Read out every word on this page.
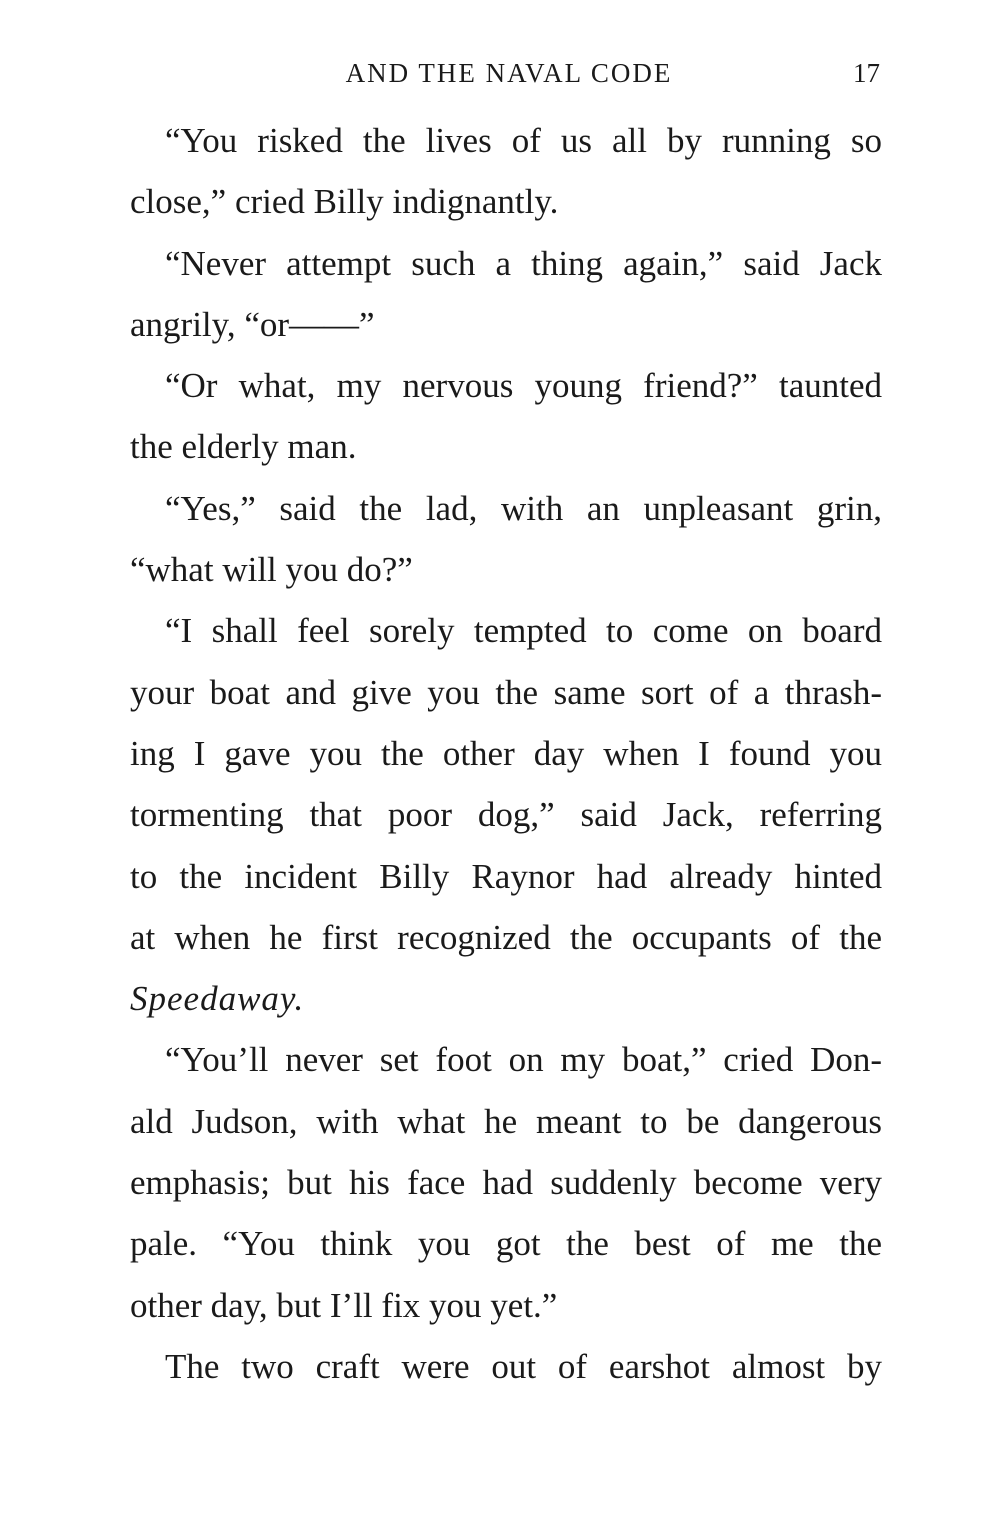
AND THE NAVAL CODE	17
“You risked the lives of us all by running so
close,” cried Billy indignantly.
“Never attempt such a thing again,” said Jack
angrily, “or——”
“Or what, my nervous young friend?” taunted
the elderly man.
“Yes,” said the lad, with an unpleasant grin,
“what will you do?”
“I shall feel sorely tempted to come on board
your boat and give you the same sort of a thrash-
ing I gave you the other day when I found you
tormenting that poor dog,” said Jack, referring
to the incident Billy Raynor had already hinted
at when he first recognized the occupants of the
Speedaway.
“You’ll never set foot on my boat,” cried Don-
ald Judson, with what he meant to be dangerous
emphasis; but his face had suddenly become very
pale. “You think you got the best of me the
other day, but I’ll fix you yet.”
The two craft were out of earshot almost by
